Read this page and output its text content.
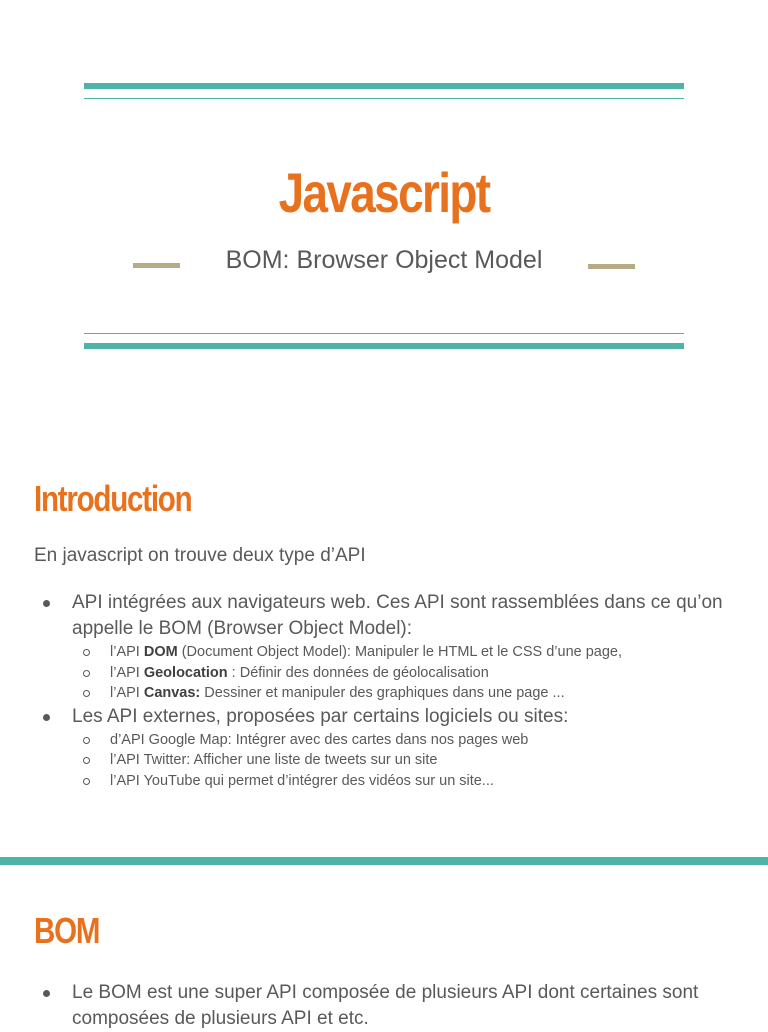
Javascript
BOM: Browser Object Model
Introduction
En javascript on trouve deux type d’API
API intégrées aux navigateurs web. Ces API sont rassemblées dans ce qu’on appelle le BOM (Browser Object Model):
l’API DOM (Document Object Model): Manipuler le HTML et le CSS d’une page,
l’API Geolocation : Définir des données de géolocalisation
l’API Canvas: Dessiner et manipuler des graphiques dans une page ...
Les API externes, proposées par certains logiciels ou sites:
d’API Google Map: Intégrer avec des cartes dans nos pages web
l’API Twitter: Afficher une liste de tweets sur un site
l’API YouTube qui permet d’intégrer des vidéos sur un site...
BOM
Le BOM est une super API composée de plusieurs API dont certaines sont composées de plusieurs API et etc.
